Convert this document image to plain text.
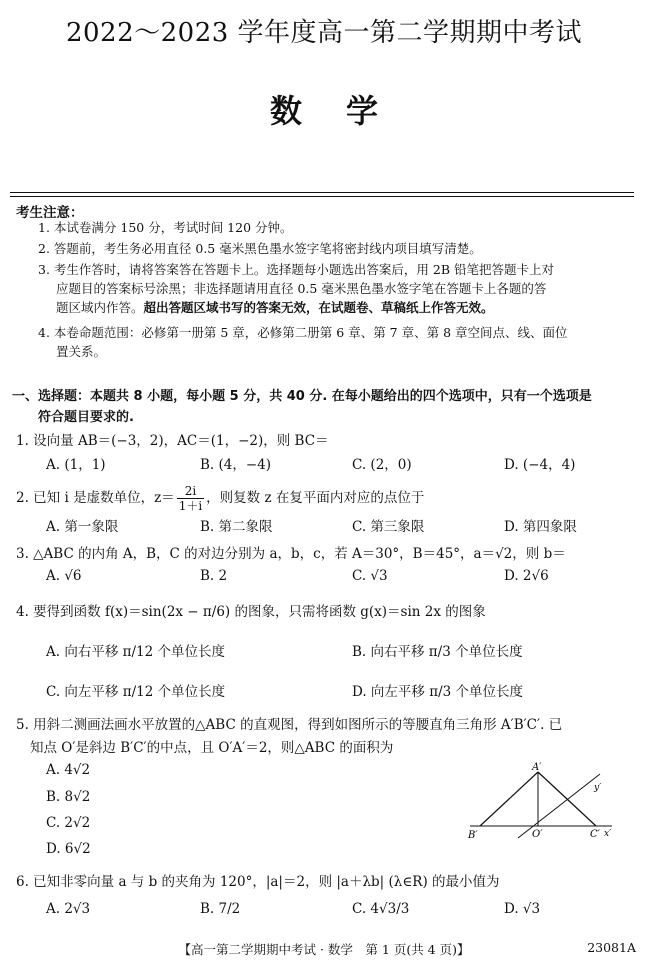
2022～2023 学年度高一第二学期期中考试
数学
考生注意：
1. 本试卷满分 150 分，考试时间 120 分钟。
2. 答题前，考生务必用直径 0.5 毫米黑色墨水签字笔将密封线内项目填写清楚。
3. 考生作答时，请将答案答在答题卡上。选择题每小题选出答案后，用 2B 铅笔把答题卡上对
应题目的答案标号涂黑；非选择题请用直径 0.5 毫米黑色墨水签字笔在答题卡上各题的答
题区域内作答。超出答题区域书写的答案无效，在试题卷、草稿纸上作答无效。
4. 本卷命题范围：必修第一册第 5 章，必修第二册第 6 章、第 7 章、第 8 章空间点、线、面位
置关系。
一、选择题：本题共 8 小题，每小题 5 分，共 40 分. 在每小题给出的四个选项中，只有一个选项是
符合题目要求的.
1. 设向量 AB＝(−3，2)，AC＝(1，−2)，则 BC＝
A. (1，1)	B. (4，−4)	C. (2，0)	D. (−4，4)
2. 已知 i 是虚数单位，$z= \frac{2i}{1+i}$ ，则复数 z 在复平面内对应的点位于
A. 第一象限	B. 第二象限	C. 第三象限	D. 第四象限
3. △ABC 的内角 A，B，C 的对边分别为 a，b，c，若 A＝30°，B＝45°，a＝√2，则 b＝
A. √6	B. 2	C. √3	D. 2√6
4. 要得到函数 f(x)＝sin(2x − π/6) 的图象，只需将函数 g(x)＝sin 2x 的图象
A. 向右平移 π/12 个单位长度	B. 向右平移 π/3 个单位长度
C. 向左平移 π/12 个单位长度	D. 向左平移 π/3 个单位长度
5. 用斜二测画法画水平放置的△ABC 的直观图，得到如图所示的等腰直角三角形 A′B′C′. 已
知点 O′是斜边 B′C′的中点，且 O′A′＝2，则△ABC 的面积为
A. 4√2
B. 8√2
C. 2√2
D. 6√2
A′
B′	O′	C′ x′
y′
6. 已知非零向量 a 与 b 的夹角为 120°，|a|＝2，则 |a＋λb| (λ∈R) 的最小值为
A. 2√3	B. 7/2	C. 4√3/3	D. √3
【高一第二学期期中考试 · 数学　第 1 页(共 4 页)】	23081A
